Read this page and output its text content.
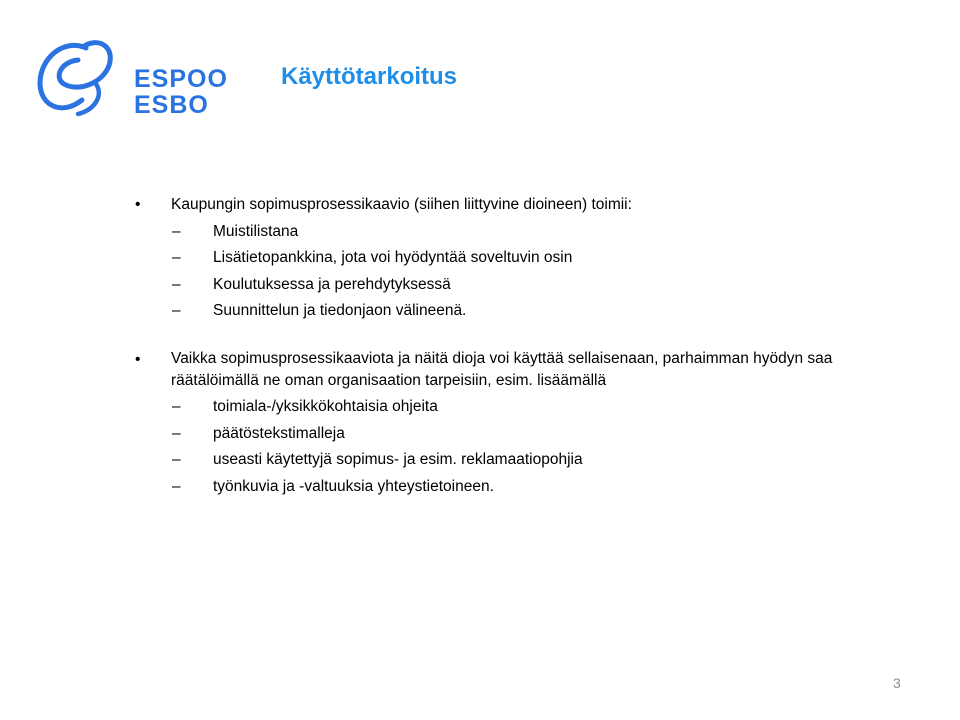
ESPOO
ESBO
Käyttötarkoitus
• Kaupungin sopimusprosessikaavio (siihen liittyvine dioineen) toimii:
– Muistilistana
– Lisätietopankkina, jota voi hyödyntää soveltuvin osin
– Koulutuksessa ja perehdytyksessä
– Suunnittelun ja tiedonjaon välineenä.
• Vaikka sopimusprosessikaaviota ja näitä dioja voi käyttää sellaisenaan, parhaimman hyödyn saa räätälöimällä ne oman organisaation tarpeisiin, esim. lisäämällä
– toimiala-/yksikkökohtaisia ohjeita
– päätöstekstimalleja
– useasti käytettyjä sopimus- ja esim. reklamaatiopohjia
– työnkuvia ja -valtuuksia yhteystietoineen.
3
